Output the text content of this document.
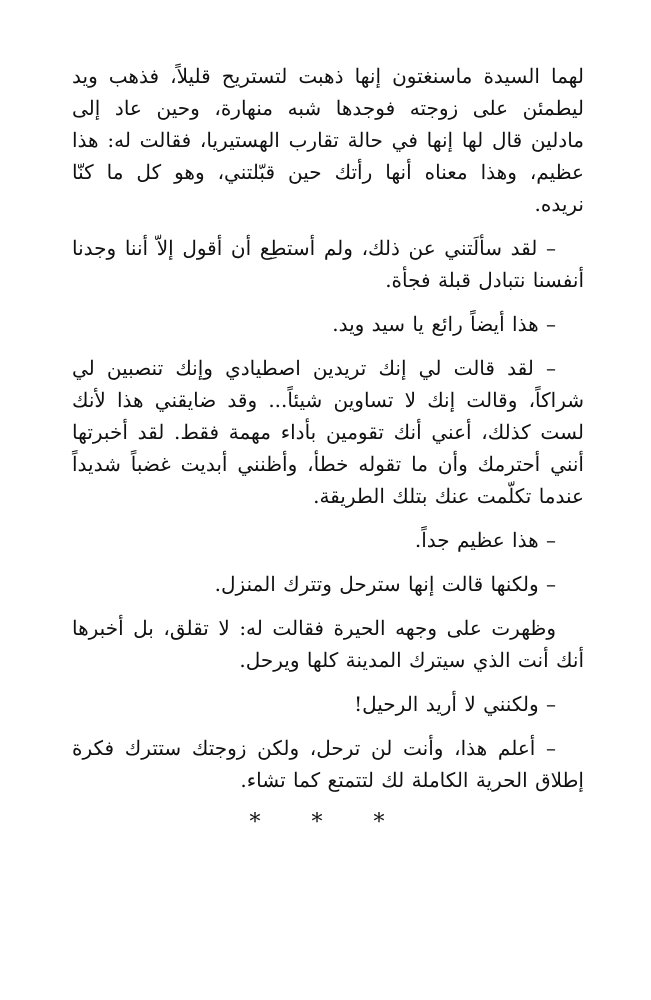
لهما السيدة ماسنغتون إنها ذهبت لتستريح قليلاً، فذهب ويد ليطمئن على زوجته فوجدها شبه منهارة، وحين عاد إلى مادلين قال لها إنها في حالة تقارب الهستيريا، فقالت له: هذا عظيم، وهذا معناه أنها رأتك حين قبّلتني، وهو كل ما كنّا نريده.

– لقد سألَتني عن ذلك، ولم أستطِع أن أقول إلاّ أننا وجدنا أنفسنا نتبادل قبلة فجأة.

– هذا أيضاً رائع يا سيد ويد.

– لقد قالت لي إنك تريدين اصطيادي وإنك تنصبين لي شراكاً، وقالت إنك لا تساوين شيئاً... وقد ضايقني هذا لأنك لست كذلك، أعني أنك تقومين بأداء مهمة فقط. لقد أخبرتها أنني أحترمك وأن ما تقوله خطأ، وأظنني أبديت غضباً شديداً عندما تكلّمت عنك بتلك الطريقة.

– هذا عظيم جداً.

– ولكنها قالت إنها سترحل وتترك المنزل.

وظهرت على وجهه الحيرة فقالت له: لا تقلق، بل أخبرها أنك أنت الذي سيترك المدينة كلها ويرحل.

– ولكنني لا أريد الرحيل!

– أعلم هذا، وأنت لن ترحل، ولكن زوجتك ستترك فكرة إطلاق الحرية الكاملة لك لتتمتع كما تشاء.

* * *
